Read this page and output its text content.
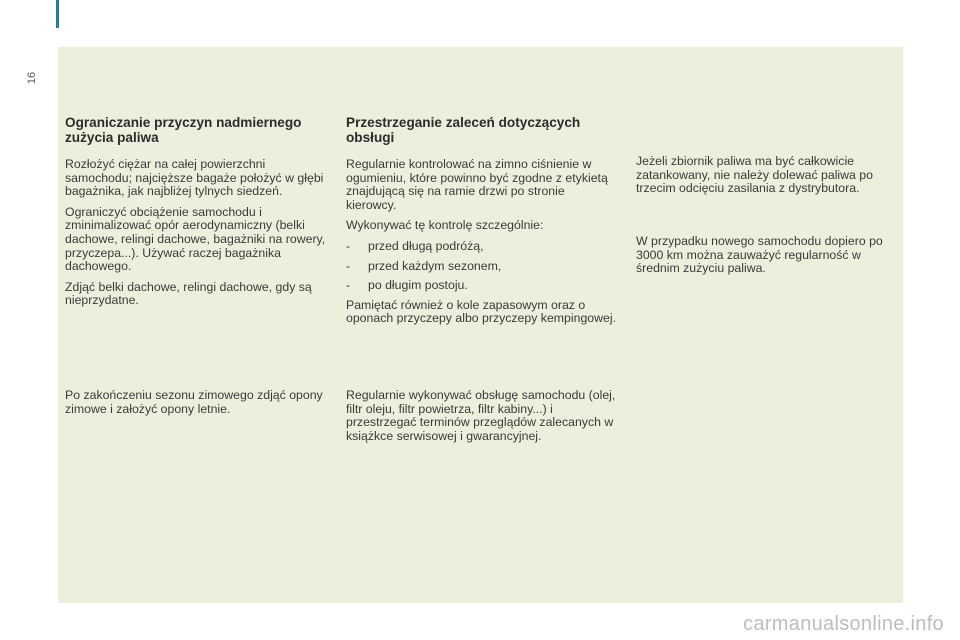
16
Ograniczanie przyczyn nadmiernego zużycia paliwa

Rozłożyć ciężar na całej powierzchni samochodu; najcięższe bagaże położyć w głębi bagażnika, jak najbliżej tylnych siedzeń.

Ograniczyć obciążenie samochodu i zminimalizować opór aerodynamiczny (belki dachowe, relingi dachowe, bagażniki na rowery, przyczepa...). Używać raczej bagażnika dachowego.

Zdjąć belki dachowe, relingi dachowe, gdy są nieprzydatne.

Po zakończeniu sezonu zimowego zdjąć opony zimowe i założyć opony letnie.

Przestrzeganie zaleceń dotyczących obsługi

Regularnie kontrolować na zimno ciśnienie w ogumieniu, które powinno być zgodne z etykietą znajdującą się na ramie drzwi po stronie kierowcy.

Wykonywać tę kontrolę szczególnie:

-	przed długą podróżą,
-	przed każdym sezonem,
-	po długim postoju.

Pamiętać również o kole zapasowym oraz o oponach przyczepy albo przyczepy kempingowej.

Regularnie wykonywać obsługę samochodu (olej, filtr oleju, filtr powietrza, filtr kabiny...) i przestrzegać terminów przeglądów zalecanych w książkce serwisowej i gwarancyjnej.

Jeżeli zbiornik paliwa ma być całkowicie zatankowany, nie należy dolewać paliwa po trzecim odcięciu zasilania z dystrybutora.

W przypadku nowego samochodu dopiero po 3000 km można zauważyć regularność w średnim zużyciu paliwa.

carmanualsonline.info
